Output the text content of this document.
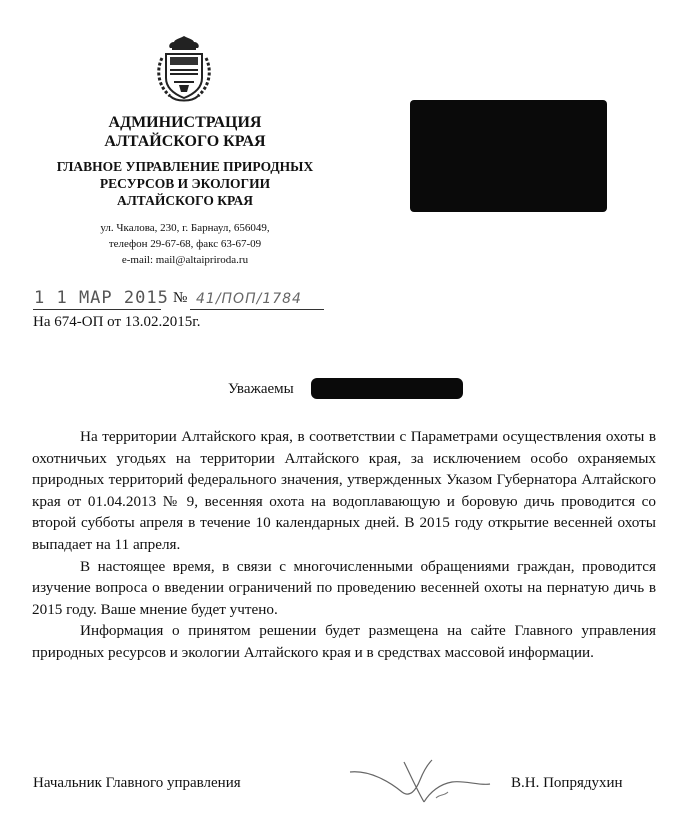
АДМИНИСТРАЦИЯ
АЛТАЙСКОГО КРАЯ
ГЛАВНОЕ УПРАВЛЕНИЕ ПРИРОДНЫХ
РЕСУРСОВ И ЭКОЛОГИИ
АЛТАЙСКОГО КРАЯ
ул. Чкалова, 230, г. Барнаул, 656049,
телефон 29-67-68, факс 63-67-09
e-mail: mail@altaipriroda.ru
1 1 МАР 2015 № 41/ПОП/1784
На 674-ОП от 13.02.2015г.
Уважаемы

На территории Алтайского края, в соответствии с Параметрами осуществления охоты в охотничьих угодьях на территории Алтайского края, за исключением особо охраняемых природных территорий федерального значения, утвержденных Указом Губернатора Алтайского края от 01.04.2013 № 9, весенняя охота на водоплавающую и боровую дичь проводится со второй субботы апреля в течение 10 календарных дней. В 2015 году открытие весенней охоты выпадает на 11 апреля.

В настоящее время, в связи с многочисленными обращениями граждан, проводится изучение вопроса о введении ограничений по проведению весенней охоты на пернатую дичь в 2015 году. Ваше мнение будет учтено.

Информация о принятом решении будет размещена на сайте Главного управления природных ресурсов и экологии Алтайского края и в средствах массовой информации.

Начальник Главного управления	В.Н. Попрядухин
